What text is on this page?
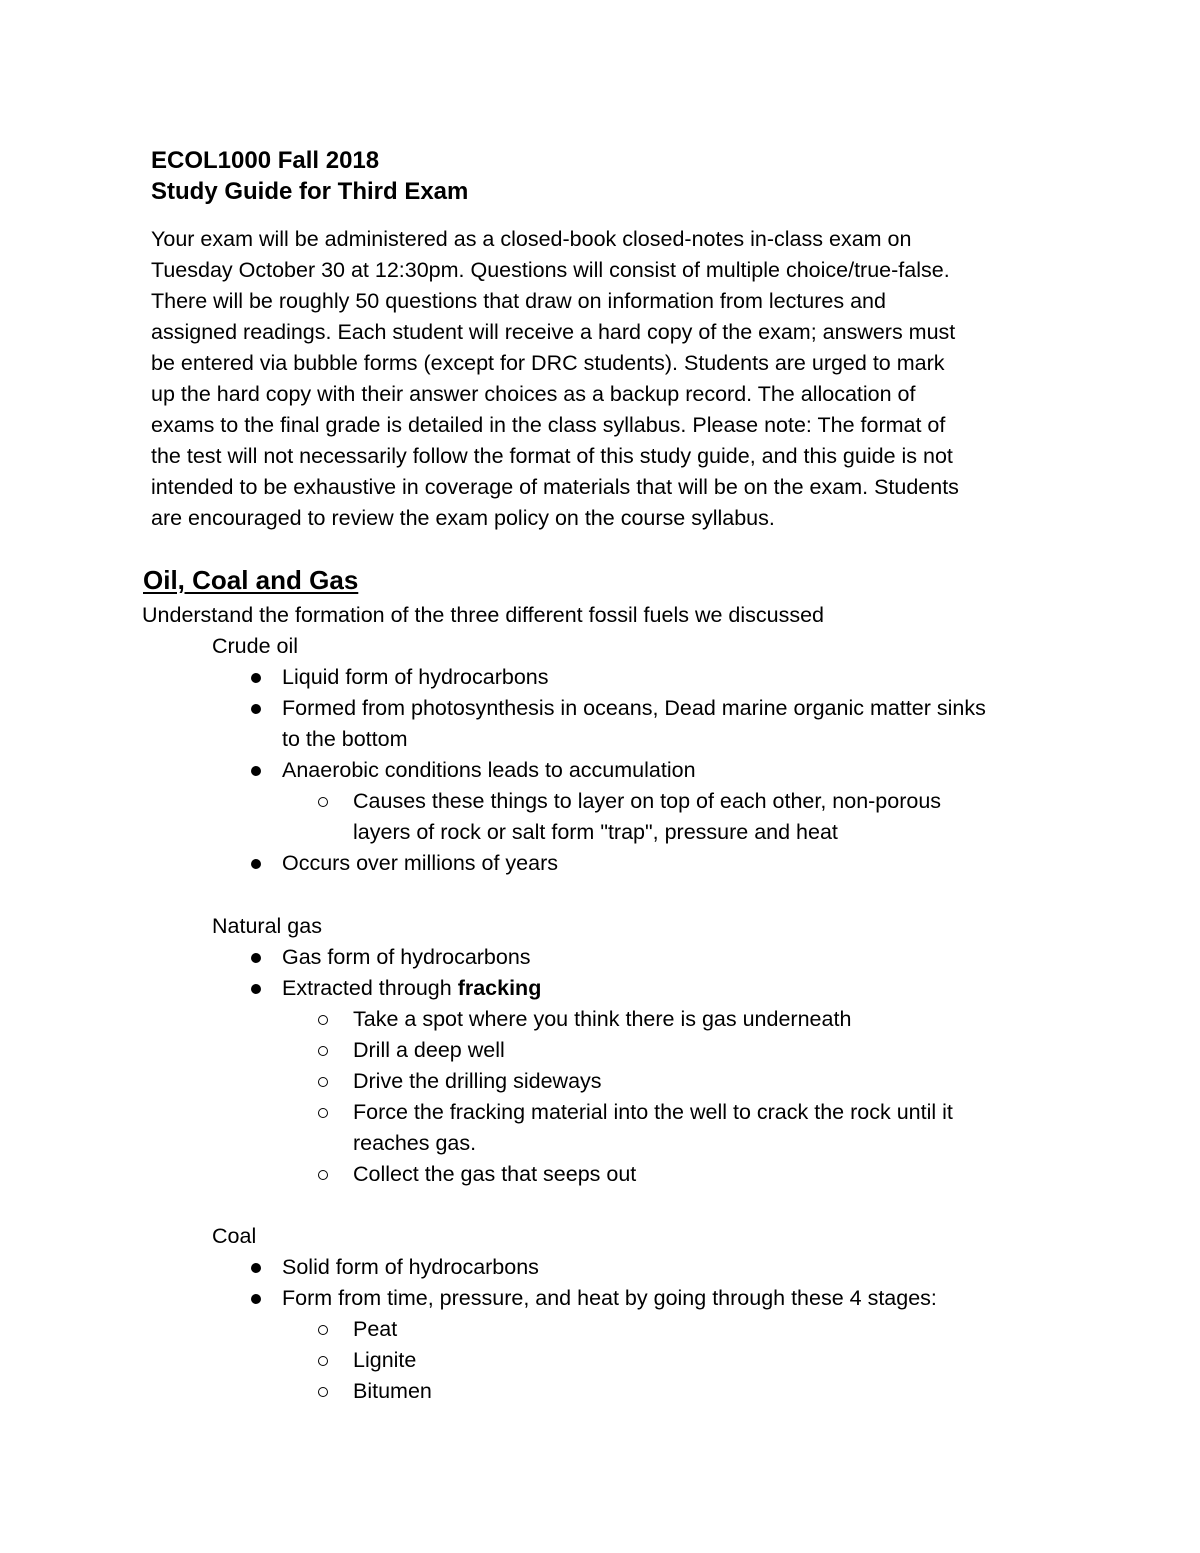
ECOL1000 Fall 2018

Study Guide for Third Exam

Your exam will be administered as a closed-book closed-notes in-class exam on

Tuesday October 30 at 12:30pm. Questions will consist of multiple choice/true-false.

There will be roughly 50 questions that draw on information from lectures and

assigned readings. Each student will receive a hard copy of the exam; answers must

be entered via bubble forms (except for DRC students). Students are urged to mark

up the hard copy with their answer choices as a backup record. The allocation of

exams to the final grade is detailed in the class syllabus. Please note: The format of

the test will not necessarily follow the format of this study guide, and this guide is not

intended to be exhaustive in coverage of materials that will be on the exam. Students

are encouraged to review the exam policy on the course syllabus.

Oil, Coal and Gas

Understand the formation of the three different fossil fuels we discussed

Crude oil

Liquid form of hydrocarbons

Formed from photosynthesis in oceans, Dead marine organic matter sinks

to the bottom

Anaerobic conditions leads to accumulation

Causes these things to layer on top of each other, non-porous

layers of rock or salt form "trap", pressure and heat

Occurs over millions of years

Natural gas

Gas form of hydrocarbons

Extracted through fracking

Take a spot where you think there is gas underneath

Drill a deep well

Drive the drilling sideways

Force the fracking material into the well to crack the rock until it

reaches gas.

Collect the gas that seeps out

Coal

Solid form of hydrocarbons

Form from time, pressure, and heat by going through these 4 stages:

Peat

Lignite

Bitumen
